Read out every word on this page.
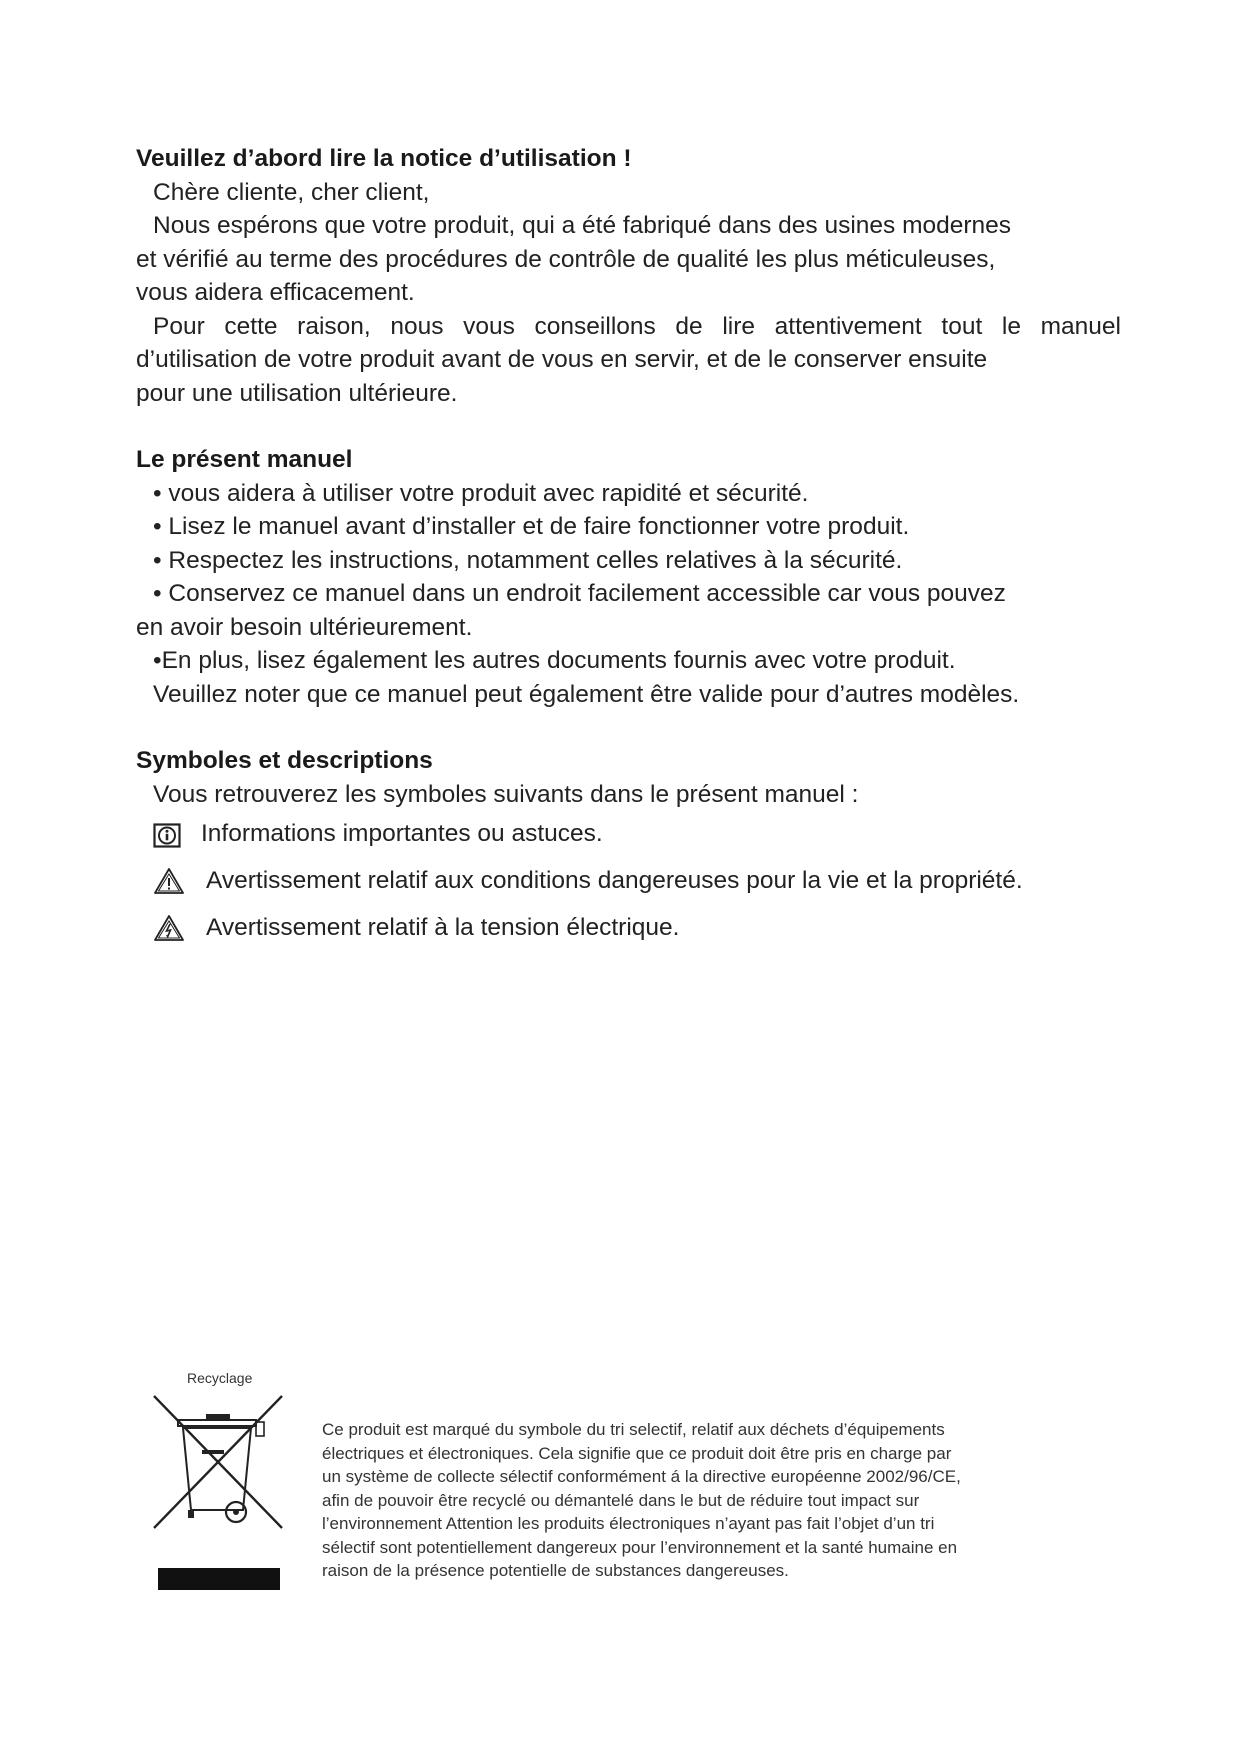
Veuillez d’abord lire la notice d’utilisation !

Chère cliente, cher client,

Nous espérons que votre produit, qui a été fabriqué dans des usines modernes

et vérifié au terme des procédures de contrôle de qualité les plus méticuleuses,

vous aidera efficacement.

Pour cette raison, nous vous conseillons de lire attentivement tout le manuel

d’utilisation de votre produit avant de vous en servir, et de le conserver ensuite

pour une utilisation ultérieure.

Le présent manuel

• vous aidera à utiliser votre produit avec rapidité et sécurité.

• Lisez le manuel avant d’installer et de faire fonctionner votre produit.

• Respectez les instructions, notamment celles relatives à la sécurité.

• Conservez ce manuel dans un endroit facilement accessible car vous pouvez

en avoir besoin ultérieurement.

•En plus, lisez également les autres documents fournis avec votre produit.

Veuillez noter que ce manuel peut également être valide pour d’autres modèles.

Symboles et descriptions

Vous retrouverez les symboles suivants dans le présent manuel :

Informations importantes ou astuces.
Avertissement relatif aux conditions dangereuses pour la vie et la propriété.
Avertissement relatif à la tension électrique.
Recyclage

Ce produit est marqué du symbole du tri selectif, relatif aux déchets d’équipements

électriques et électroniques. Cela signifie que ce produit doit être pris en charge par

un système de collecte sélectif conformément á la directive européenne 2002/96/CE,

afin de pouvoir être recyclé ou démantelé dans le but de réduire tout impact sur

l’environnement Attention les produits électroniques n’ayant pas fait l’objet d’un tri

sélectif sont potentiellement dangereux pour l’environnement et la santé humaine en

raison de la présence potentielle de substances dangereuses.
